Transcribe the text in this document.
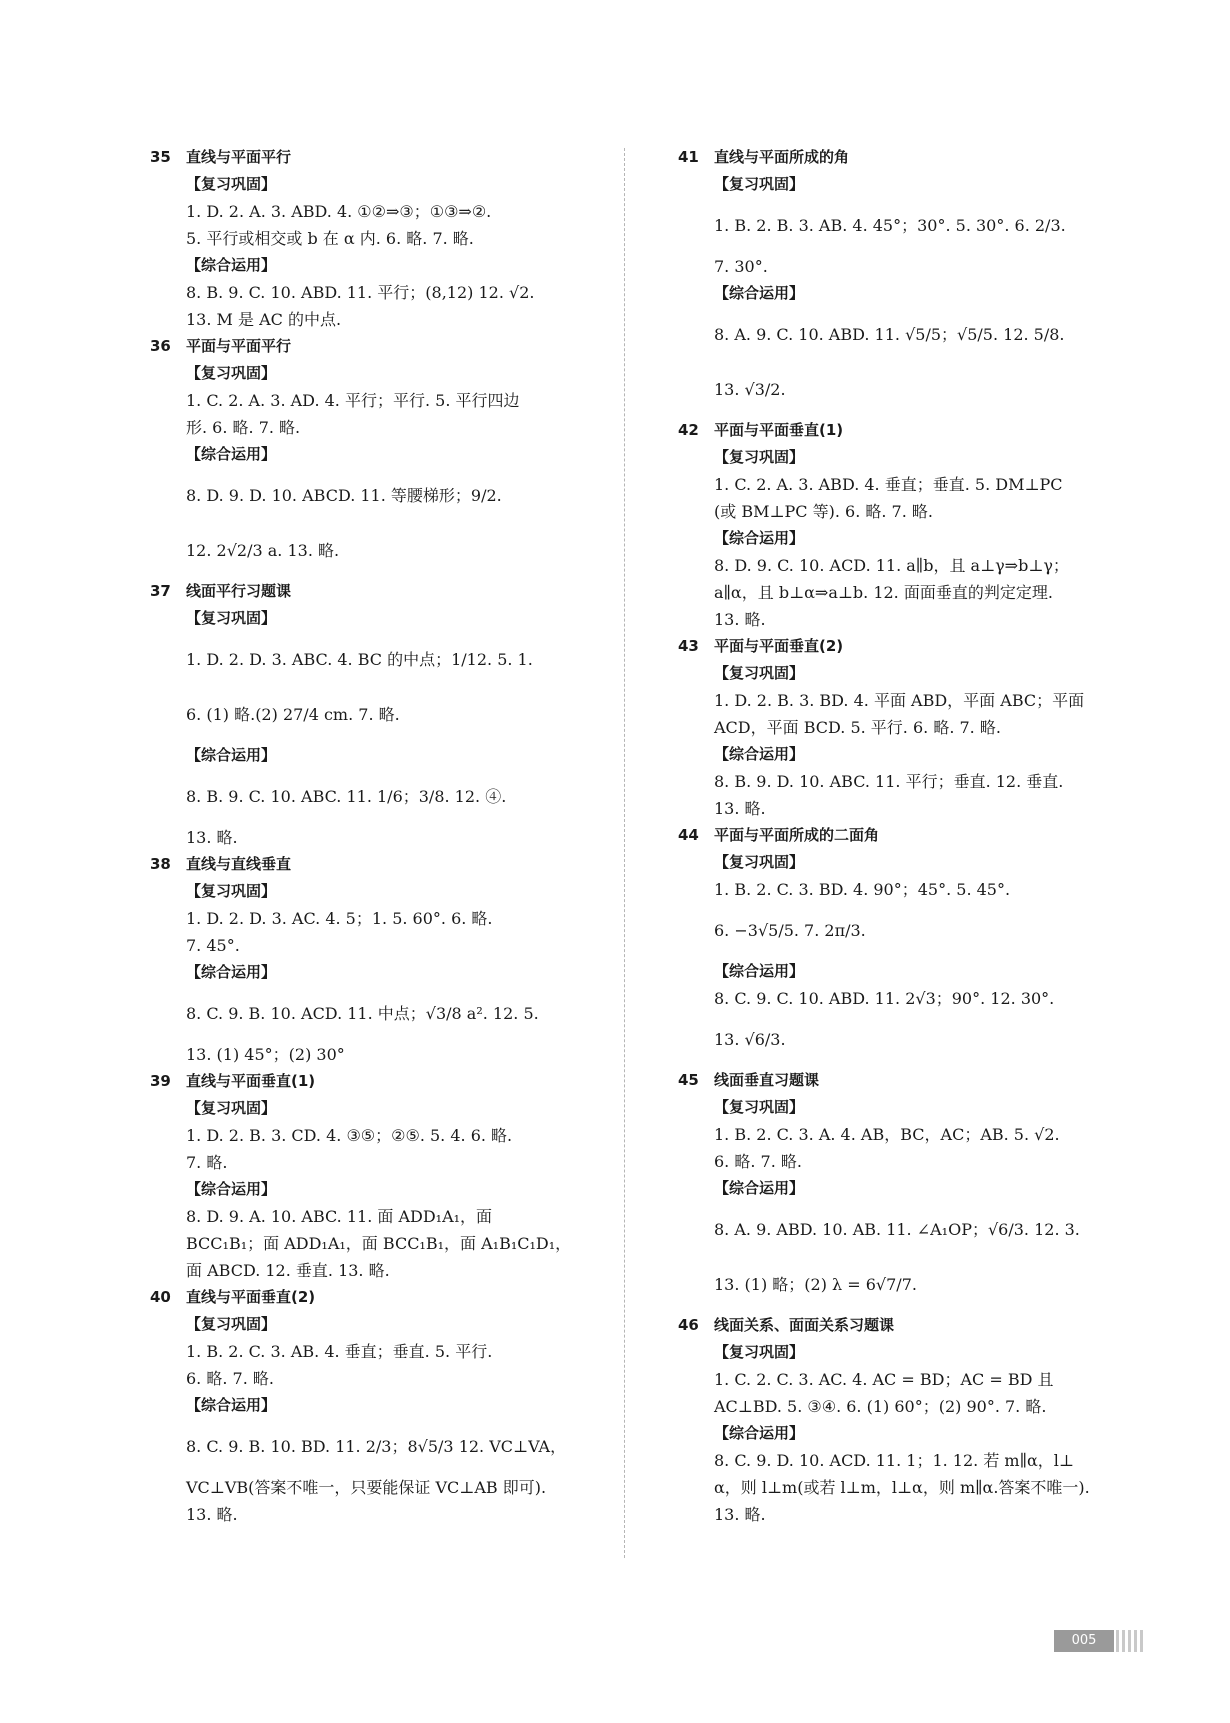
35 直线与平面平行
【复习巩固】
1. D. 2. A. 3. ABD. 4. ①②⇒③；①③⇒②.
5. 平行或相交或 b 在 α 内. 6. 略. 7. 略.
【综合运用】
8. B. 9. C. 10. ABD. 11. 平行；(8,12) 12. √2.
13. M 是 AC 的中点.
36 平面与平面平行
【复习巩固】
1. C. 2. A. 3. AD. 4. 平行；平行. 5. 平行四边
形. 6. 略. 7. 略.
【综合运用】
8. D. 9. D. 10. ABCD. 11. 等腰梯形；9/2.
12. 2√2/3 a. 13. 略.
37 线面平行习题课
【复习巩固】
1. D. 2. D. 3. ABC. 4. BC 的中点；1/12. 5. 1.
6. (1) 略.(2) 27/4 cm. 7. 略.
【综合运用】
8. B. 9. C. 10. ABC. 11. 1/6；3/8. 12. ④.
13. 略.
38 直线与直线垂直
【复习巩固】
1. D. 2. D. 3. AC. 4. 5；1. 5. 60°. 6. 略.
7. 45°.
【综合运用】
8. C. 9. B. 10. ACD. 11. 中点；√3/8 a². 12. 5.
13. (1) 45°；(2) 30°
39 直线与平面垂直(1)
【复习巩固】
1. D. 2. B. 3. CD. 4. ③⑤；②⑤. 5. 4. 6. 略.
7. 略.
【综合运用】
8. D. 9. A. 10. ABC. 11. 面 ADD₁A₁，面
BCC₁B₁；面 ADD₁A₁，面 BCC₁B₁，面 A₁B₁C₁D₁，
面 ABCD. 12. 垂直. 13. 略.
40 直线与平面垂直(2)
【复习巩固】
1. B. 2. C. 3. AB. 4. 垂直；垂直. 5. 平行.
6. 略. 7. 略.
【综合运用】
8. C. 9. B. 10. BD. 11. 2/3；8√5/3 12. VC⊥VA，
VC⊥VB(答案不唯一，只要能保证 VC⊥AB 即可).
13. 略.
41 直线与平面所成的角
【复习巩固】
1. B. 2. B. 3. AB. 4. 45°；30°. 5. 30°. 6. 2/3.
7. 30°.
【综合运用】
8. A. 9. C. 10. ABD. 11. √5/5；√5/5. 12. 5/8.
13. √3/2.
42 平面与平面垂直(1)
【复习巩固】
1. C. 2. A. 3. ABD. 4. 垂直；垂直. 5. DM⊥PC
(或 BM⊥PC 等). 6. 略. 7. 略.
【综合运用】
8. D. 9. C. 10. ACD. 11. a∥b，且 a⊥γ⇒b⊥γ；
a∥α，且 b⊥α⇒a⊥b. 12. 面面垂直的判定定理.
13. 略.
43 平面与平面垂直(2)
【复习巩固】
1. D. 2. B. 3. BD. 4. 平面 ABD，平面 ABC；平面
ACD，平面 BCD. 5. 平行. 6. 略. 7. 略.
【综合运用】
8. B. 9. D. 10. ABC. 11. 平行；垂直. 12. 垂直.
13. 略.
44 平面与平面所成的二面角
【复习巩固】
1. B. 2. C. 3. BD. 4. 90°；45°. 5. 45°.
6. −3√5/5. 7. 2π/3.
【综合运用】
8. C. 9. C. 10. ABD. 11. 2√3；90°. 12. 30°.
13. √6/3.
45 线面垂直习题课
【复习巩固】
1. B. 2. C. 3. A. 4. AB，BC，AC；AB. 5. √2.
6. 略. 7. 略.
【综合运用】
8. A. 9. ABD. 10. AB. 11. ∠A₁OP；√6/3. 12. 3.
13. (1) 略；(2) λ = 6√7/7.
46 线面关系、面面关系习题课
【复习巩固】
1. C. 2. C. 3. AC. 4. AC = BD；AC = BD 且
AC⊥BD. 5. ③④. 6. (1) 60°；(2) 90°. 7. 略.
【综合运用】
8. C. 9. D. 10. ACD. 11. 1；1. 12. 若 m∥α，l⊥
α，则 l⊥m(或若 l⊥m，l⊥α，则 m∥α.答案不唯一).
13. 略.
005
